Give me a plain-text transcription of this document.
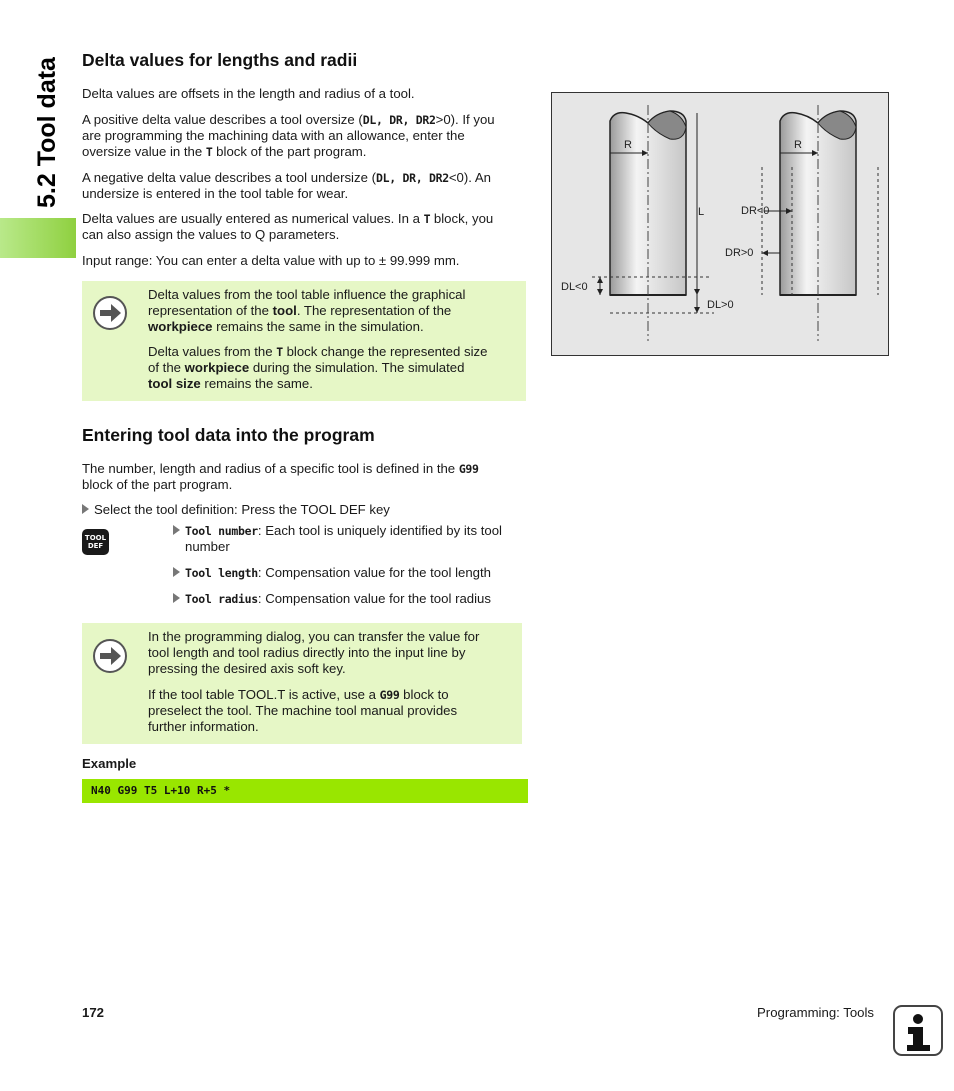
5.2 Tool data Delta values for lengths and radii

Delta values are offsets in the length and radius of a tool.

A positive delta value describes a tool oversize (DL, DR, DR2>0). If you
are programming the machining data with an allowance, enter the
oversize value in the T block of the part program.

A negative delta value describes a tool undersize (DL, DR, DR2<0). An
undersize is entered in the tool table for wear.

Delta values are usually entered as numerical values. In a T block, you
can also assign the values to Q parameters.

Input range: You can enter a delta value with up to ± 99.999 mm.

Delta values from the tool table influence the graphical
representation of the tool. The representation of the
workpiece remains the same in the simulation.

Delta values from the T block change the represented size
of the workpiece during the simulation. The simulated
tool size remains the same.

Entering tool data into the program

The number, length and radius of a specific tool is defined in the G99
block of the part program.

Select the tool definition: Press the TOOL DEF key

TOOL
DEF

Tool number: Each tool is uniquely identified by its tool
number

Tool length: Compensation value for the tool length

Tool radius: Compensation value for the tool radius

In the programming dialog, you can transfer the value for
tool length and tool radius directly into the input line by
pressing the desired axis soft key.

If the tool table TOOL.T is active, use a G99 block to
preselect the tool. The machine tool manual provides
further information.

Example

N40 G99 T5 L+10 R+5 *
R	R
L	DR<0
DR>0
DL<0
DL>0

172	Programming: Tools
